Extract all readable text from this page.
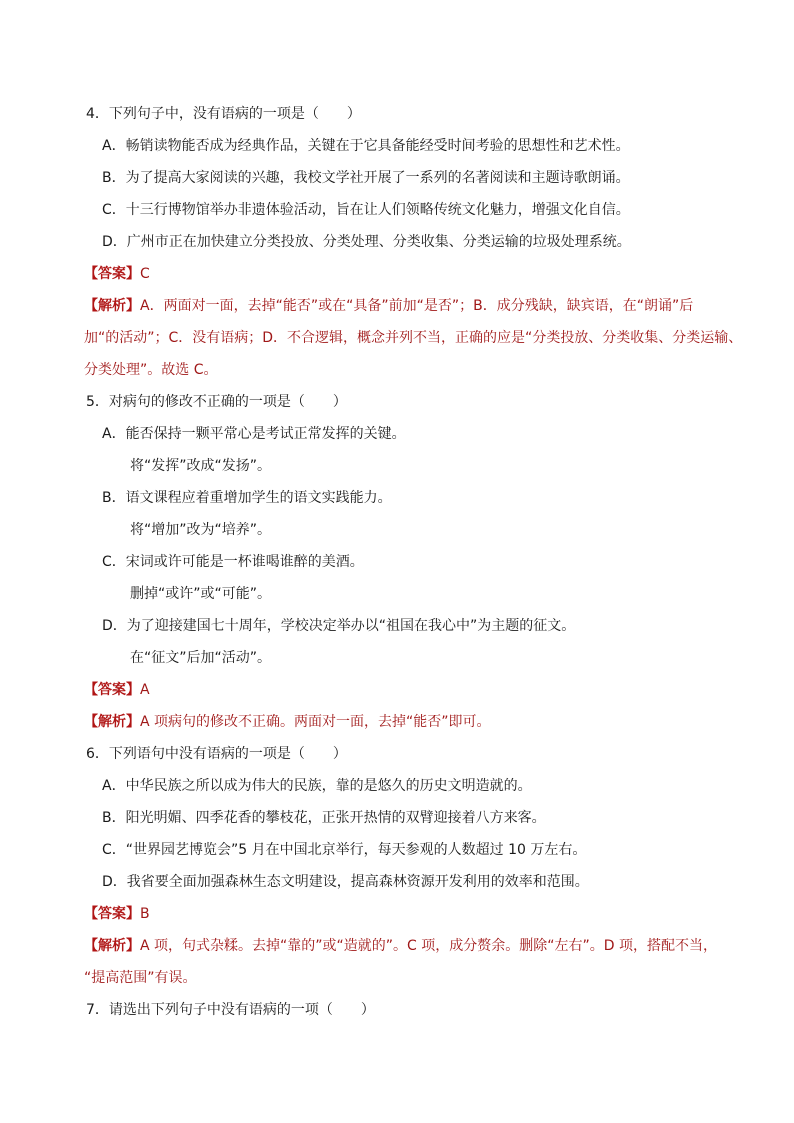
4．下列句子中，没有语病的一项是（　　）
A．畅销读物能否成为经典作品，关键在于它具备能经受时间考验的思想性和艺术性。
B．为了提高大家阅读的兴趣，我校文学社开展了一系列的名著阅读和主题诗歌朗诵。
C．十三行博物馆举办非遗体验活动，旨在让人们领略传统文化魅力，增强文化自信。
D．广州市正在加快建立分类投放、分类处理、分类收集、分类运输的垃圾处理系统。
【答案】C
【解析】A．两面对一面，去掉“能否”或在“具备”前加“是否”；B．成分残缺，缺宾语，在“朗诵”后
加“的活动”；C．没有语病；D．不合逻辑，概念并列不当，正确的应是“分类投放、分类收集、分类运输、
分类处理”。故选 C。
5．对病句的修改不正确的一项是（　　）
A．能否保持一颗平常心是考试正常发挥的关键。
将“发挥”改成“发扬”。
B．语文课程应着重增加学生的语文实践能力。
将“增加”改为“培养”。
C．宋词或许可能是一杯谁喝谁醉的美酒。
删掉“或许”或“可能”。
D．为了迎接建国七十周年，学校决定举办以“祖国在我心中”为主题的征文。
在“征文”后加“活动”。
【答案】A
【解析】A 项病句的修改不正确。两面对一面，去掉“能否”即可。
6．下列语句中没有语病的一项是（　　）
A．中华民族之所以成为伟大的民族，靠的是悠久的历史文明造就的。
B．阳光明媚、四季花香的攀枝花，正张开热情的双臂迎接着八方来客。
C．“世界园艺博览会”5 月在中国北京举行，每天参观的人数超过 10 万左右。
D．我省要全面加强森林生态文明建设，提高森林资源开发利用的效率和范围。
【答案】B
【解析】A 项，句式杂糅。去掉“靠的”或“造就的”。C 项，成分赘余。删除“左右”。D 项，搭配不当，
“提高范围”有误。
7．请选出下列句子中没有语病的一项（　　）
